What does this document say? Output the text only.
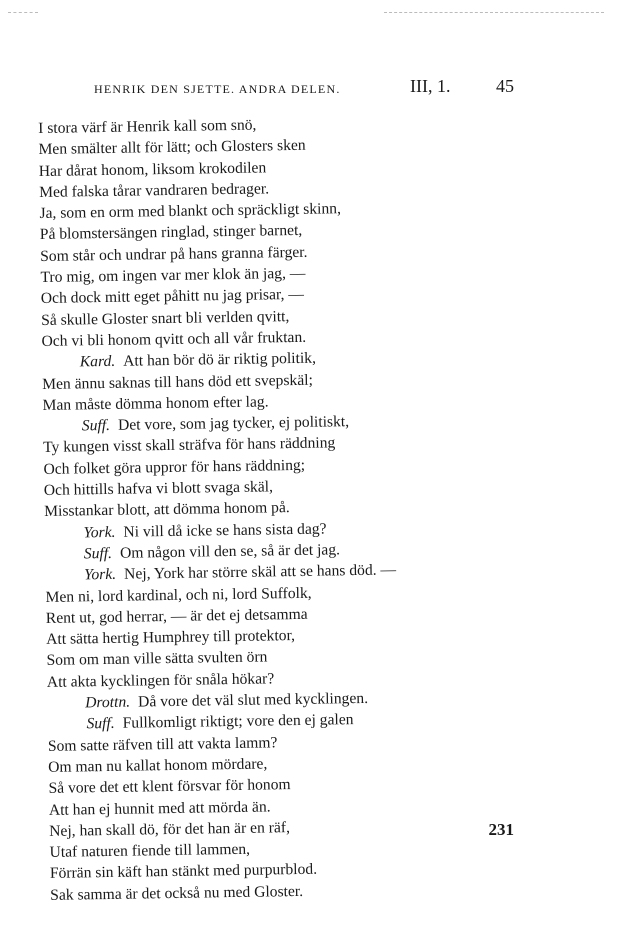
HENRIK DEN SJETTE. ANDRA DELEN.	III, 1.	45
I stora värf är Henrik kall som snö,
Men smälter allt för lätt; och Glosters sken
Har dårat honom, liksom krokodilen
Med falska tårar vandraren bedrager.
Ja, som en orm med blankt och spräckligt skinn,
På blomstersängen ringlad, stinger barnet,
Som står och undrar på hans granna färger.
Tro mig, om ingen var mer klok än jag, —
Och dock mitt eget påhitt nu jag prisar, —
Så skulle Gloster snart bli verlden qvitt,
Och vi bli honom qvitt och all vår fruktan.
Kard. Att han bör dö är riktig politik,
Men ännu saknas till hans död ett svepskäl;
Man måste dömma honom efter lag.
Suff. Det vore, som jag tycker, ej politiskt,
Ty kungen visst skall sträfva för hans räddning
Och folket göra uppror för hans räddning;
Och hittills hafva vi blott svaga skäl,
Misstankar blott, att dömma honom på.
York. Ni vill då icke se hans sista dag?
Suff. Om någon vill den se, så är det jag.
York. Nej, York har större skäl att se hans död. —
Men ni, lord kardinal, och ni, lord Suffolk,
Rent ut, god herrar, — är det ej detsamma
Att sätta hertig Humphrey till protektor,
Som om man ville sätta svulten örn
Att akta kycklingen för snåla hökar?
Drottn. Då vore det väl slut med kycklingen.
Suff. Fullkomligt riktigt; vore den ej galen
Som satte räfven till att vakta lamm?
Om man nu kallat honom mördare,
Så vore det ett klent försvar för honom
Att han ej hunnit med att mörda än.
Nej, han skall dö, för det han är en räf,
Utaf naturen fiende till lammen,
Förrän sin käft han stänkt med purpurblod.
Sak samma är det också nu med Gloster.
231
